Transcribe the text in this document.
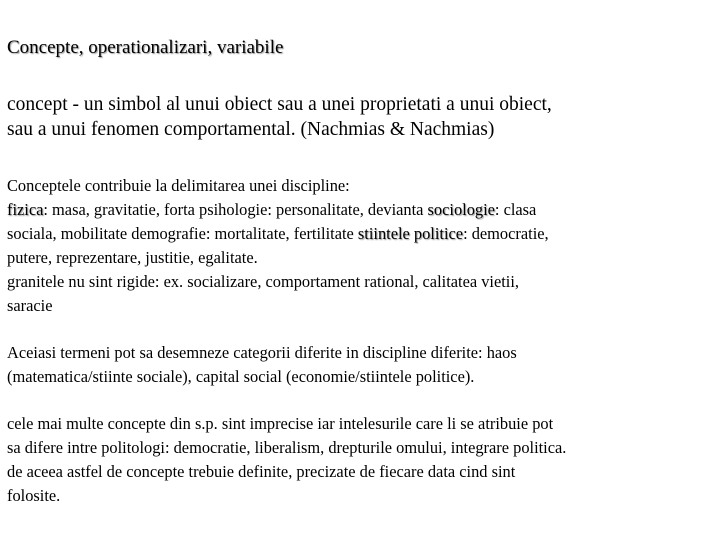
Concepte, operationalizari, variabile
concept - un simbol al unui obiect sau a unei proprietati a unui obiect,
sau a unui fenomen comportamental. (Nachmias & Nachmias)
Conceptele contribuie la delimitarea unei discipline:
fizica: masa, gravitatie, forta psihologie: personalitate, devianta sociologie: clasa
sociala, mobilitate demografie: mortalitate, fertilitate stiintele politice: democratie,
putere, reprezentare, justitie, egalitate.
granitele nu sint rigide: ex. socializare, comportament rational, calitatea vietii,
saracie
Aceiasi termeni pot sa desemneze categorii diferite in discipline diferite: haos
(matematica/stiinte sociale), capital social (economie/stiintele politice).
cele mai multe concepte din s.p. sint imprecise iar intelesurile care li se atribuie pot
sa difere intre politologi: democratie, liberalism, drepturile omului, integrare politica.
de aceea astfel de concepte trebuie definite, precizate de fiecare data cind sint
folosite.
